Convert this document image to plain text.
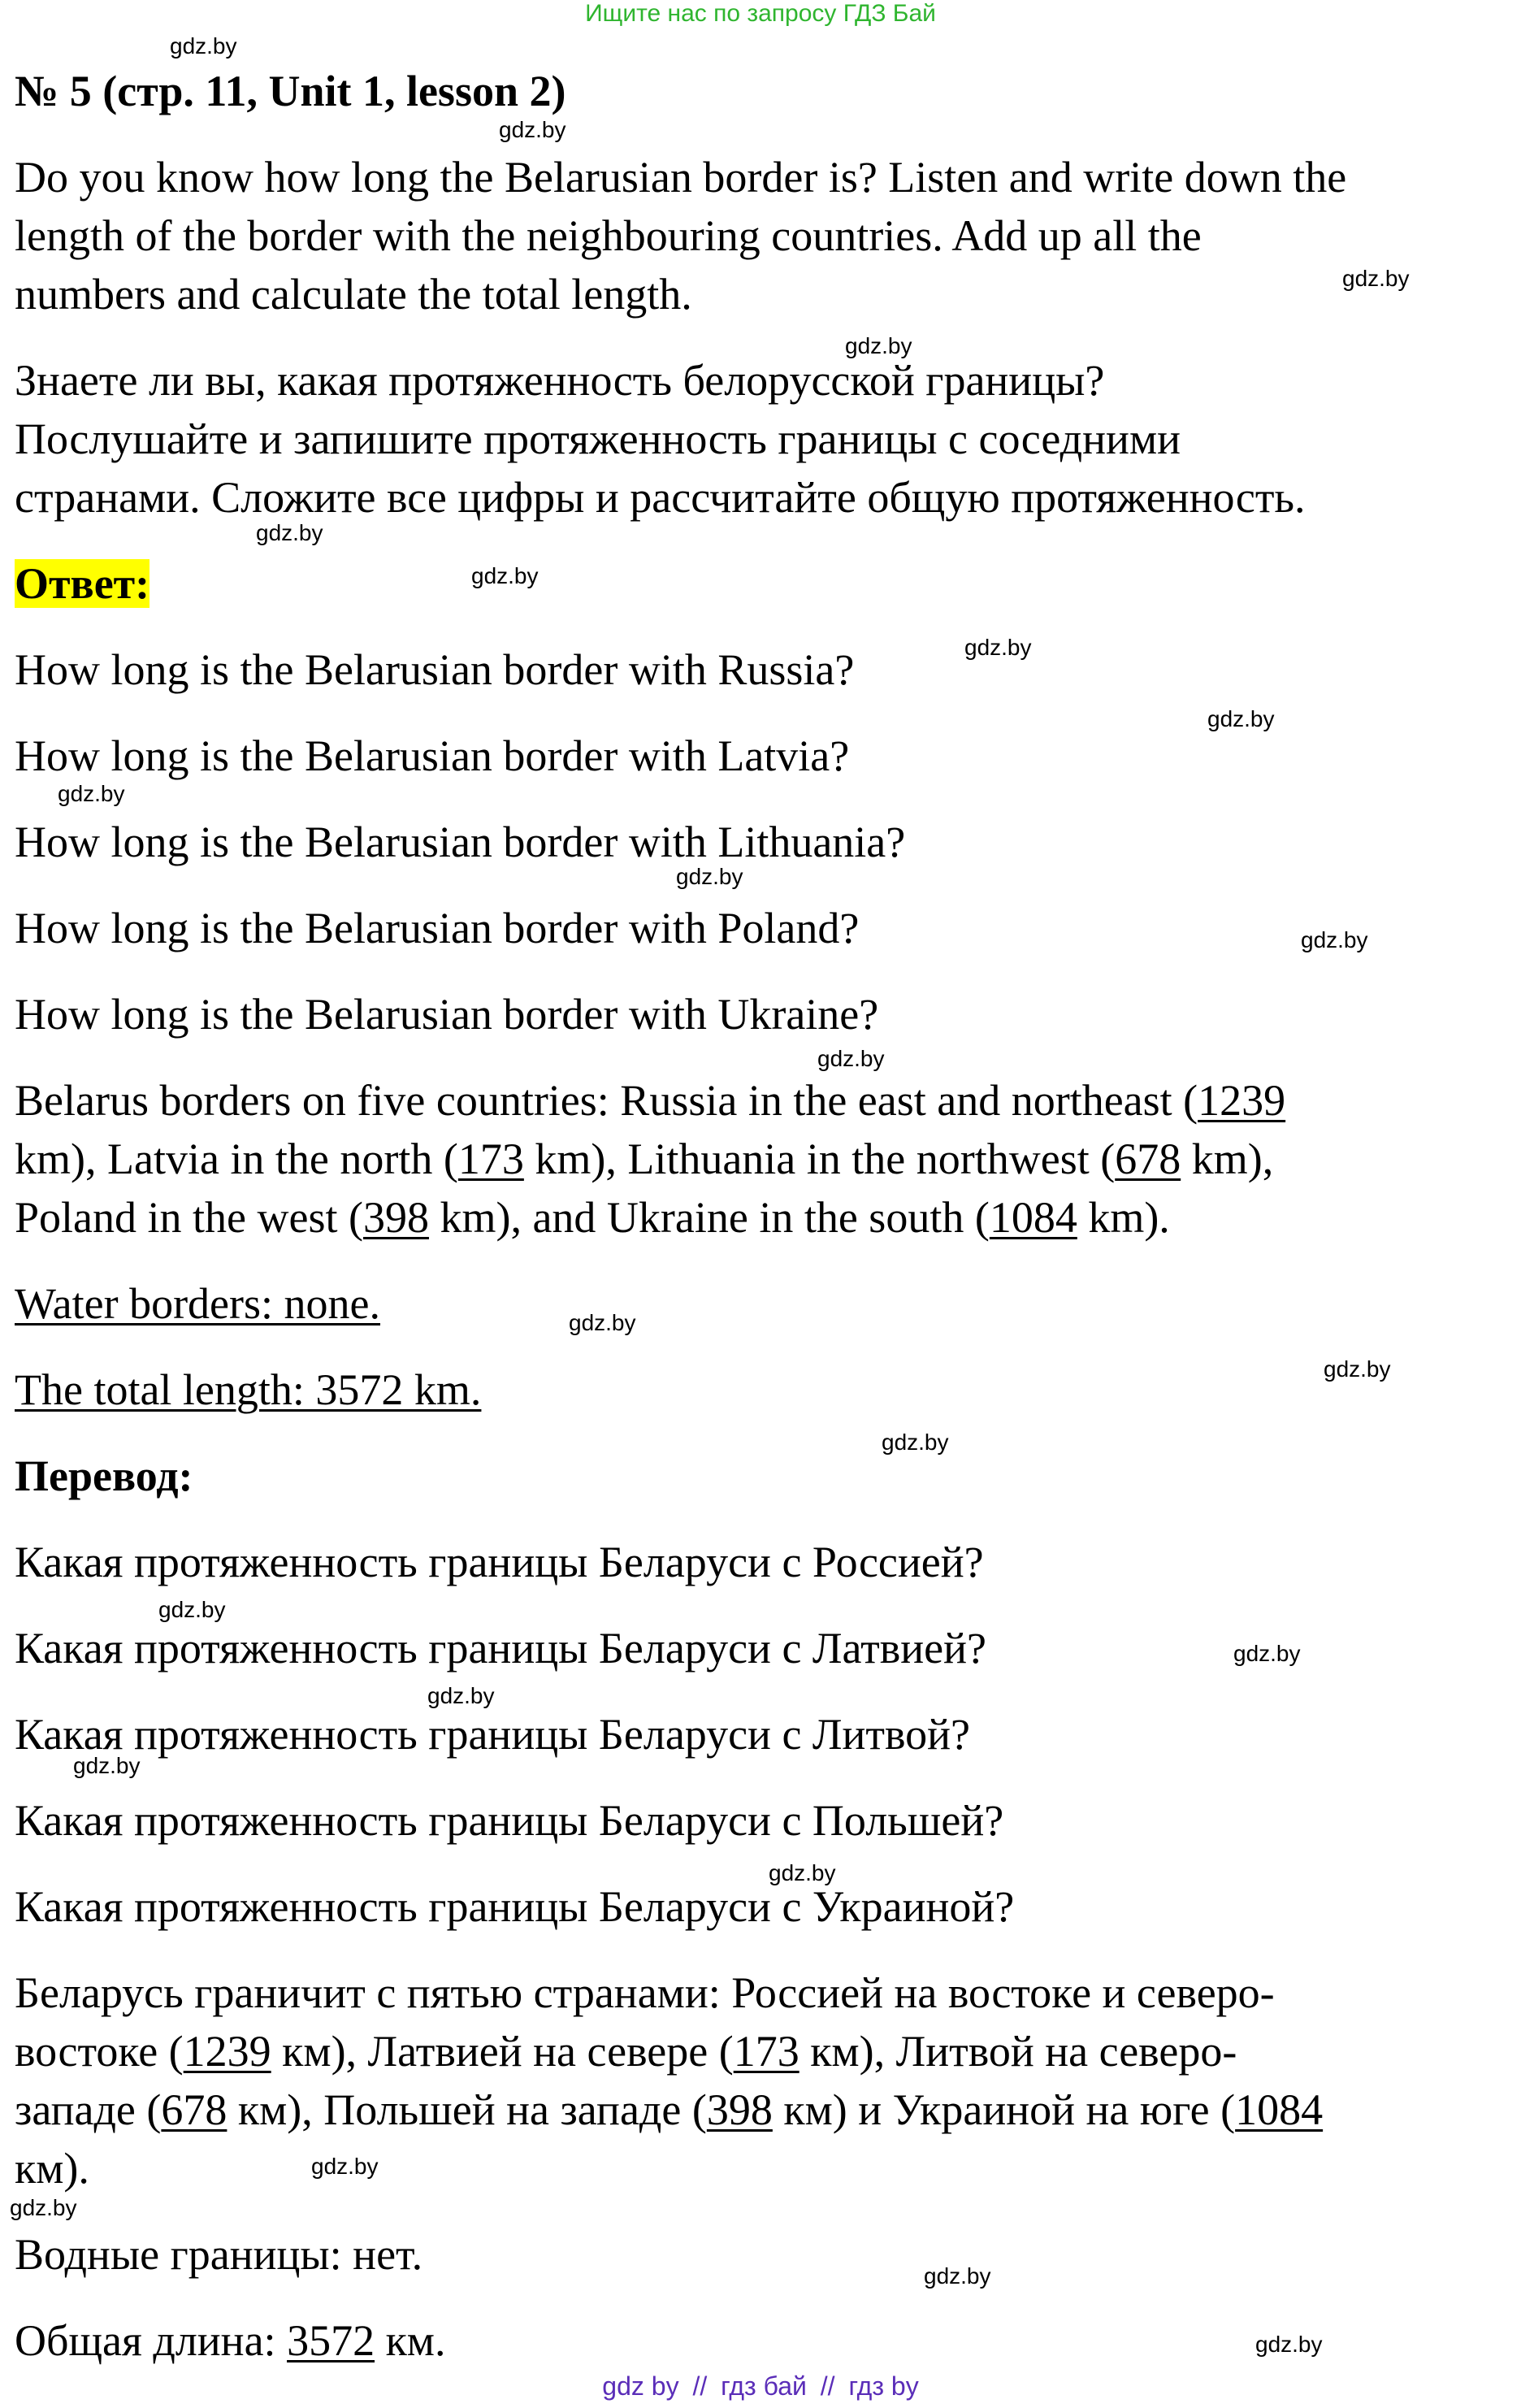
Ищите нас по запросу ГДЗ Бай
gdz.by
gdz.by
gdz.by
gdz.by
gdz.by
gdz.by
gdz.by
gdz.by
gdz.by
gdz.by
gdz.by
gdz.by
gdz.by
gdz.by
gdz.by
gdz.by
gdz.by
gdz.by
gdz.by
gdz.by
gdz.by
gdz.by
gdz.by
gdz.by
№ 5 (стр. 11, Unit 1, lesson 2)
Do you know how long the Belarusian border is? Listen and write down the
length of the border with the neighbouring countries. Add up all the
numbers and calculate the total length.
Знаете ли вы, какая протяженность белорусской границы?
Послушайте и запишите протяженность границы с соседними
странами. Сложите все цифры и рассчитайте общую протяженность.
Ответ:
How long is the Belarusian border with Russia?
How long is the Belarusian border with Latvia?
How long is the Belarusian border with Lithuania?
How long is the Belarusian border with Poland?
How long is the Belarusian border with Ukraine?
Belarus borders on five countries: Russia in the east and northeast (1239
km), Latvia in the north (173 km), Lithuania in the northwest (678 km),
Poland in the west (398 km), and Ukraine in the south (1084 km).
Water borders: none.
The total length: 3572 km.
Перевод:
Какая протяженность границы Беларуси с Россией?
Какая протяженность границы Беларуси с Латвией?
Какая протяженность границы Беларуси с Литвой?
Какая протяженность границы Беларуси с Польшей?
Какая протяженность границы Беларуси с Украиной?
Беларусь граничит с пятью странами: Россией на востоке и северо-
востоке (1239 км), Латвией на севере (173 км), Литвой на северо-
западе (678 км), Польшей на западе (398 км) и Украиной на юге (1084
км).
Водные границы: нет.
Общая длина: 3572 км.
gdz by // гдз бай // гдз by
